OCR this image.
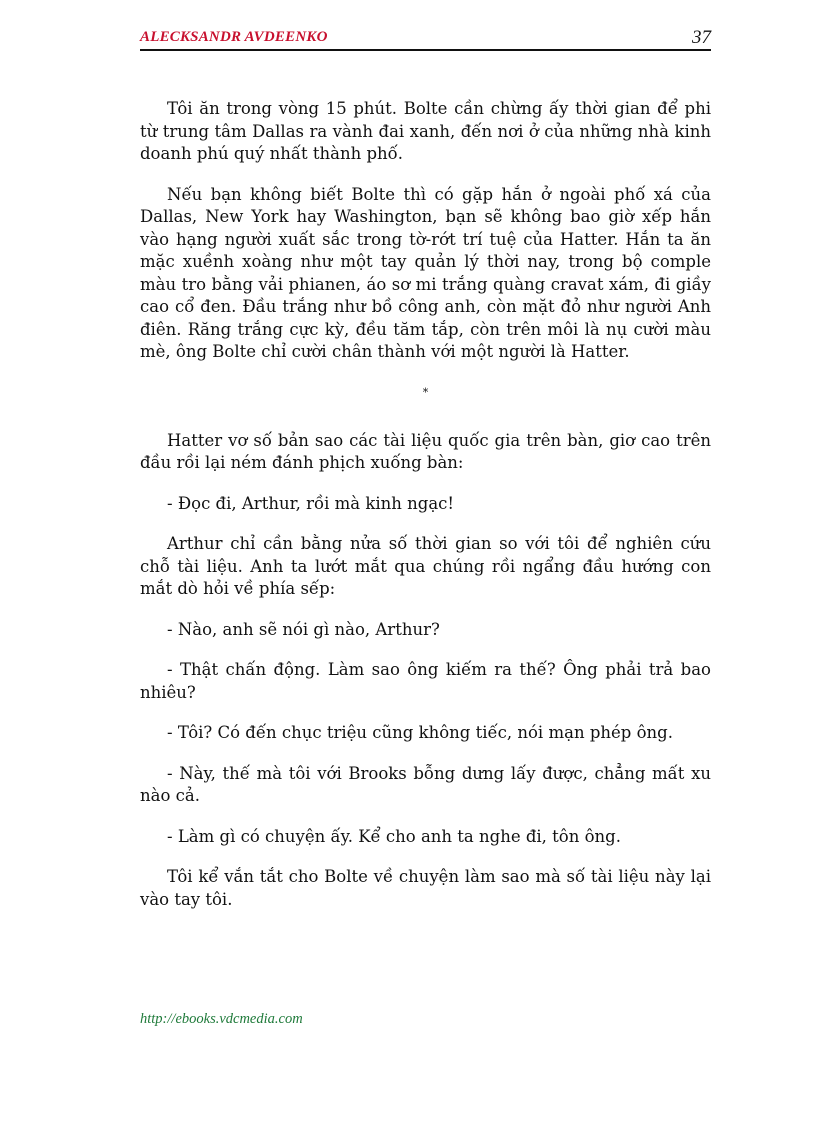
ALECKSANDR AVDEENKO	37

Tôi ăn trong vòng 15 phút. Bolte cần chừng ấy thời gian để phi từ trung tâm Dallas ra vành đai xanh, đến nơi ở của những nhà kinh doanh phú quý nhất thành phố.

Nếu bạn không biết Bolte thì có gặp hắn ở ngoài phố xá của Dallas, New York hay Washington, bạn sẽ không bao giờ xếp hắn vào hạng người xuất sắc trong tờ-rớt trí tuệ của Hatter. Hắn ta ăn mặc xuềnh xoàng như một tay quản lý thời nay, trong bộ comple màu tro bằng vải phianen, áo sơ mi trắng quàng cravat xám, đi giầy cao cổ đen. Đầu trắng như bồ công anh, còn mặt đỏ như người Anh điên. Răng trắng cực kỳ, đều tăm tắp, còn trên môi là nụ cười màu mè, ông Bolte chỉ cười chân thành với một người là Hatter.

*

Hatter vơ số bản sao các tài liệu quốc gia trên bàn, giơ cao trên đầu rồi lại ném đánh phịch xuống bàn:

- Đọc đi, Arthur, rồi mà kinh ngạc!

Arthur chỉ cần bằng nửa số thời gian so với tôi để nghiên cứu chỗ tài liệu. Anh ta lướt mắt qua chúng rồi ngẩng đầu hướng con mắt dò hỏi về phía sếp:

- Nào, anh sẽ nói gì nào, Arthur?

- Thật chấn động. Làm sao ông kiếm ra thế? Ông phải trả bao nhiêu?

- Tôi? Có đến chục triệu cũng không tiếc, nói mạn phép ông.

- Này, thế mà tôi với Brooks bỗng dưng lấy được, chẳng mất xu nào cả.

- Làm gì có chuyện ấy. Kể cho anh ta nghe đi, tôn ông.

Tôi kể vắn tắt cho Bolte về chuyện làm sao mà số tài liệu này lại vào tay tôi.

http://ebooks.vdcmedia.com
